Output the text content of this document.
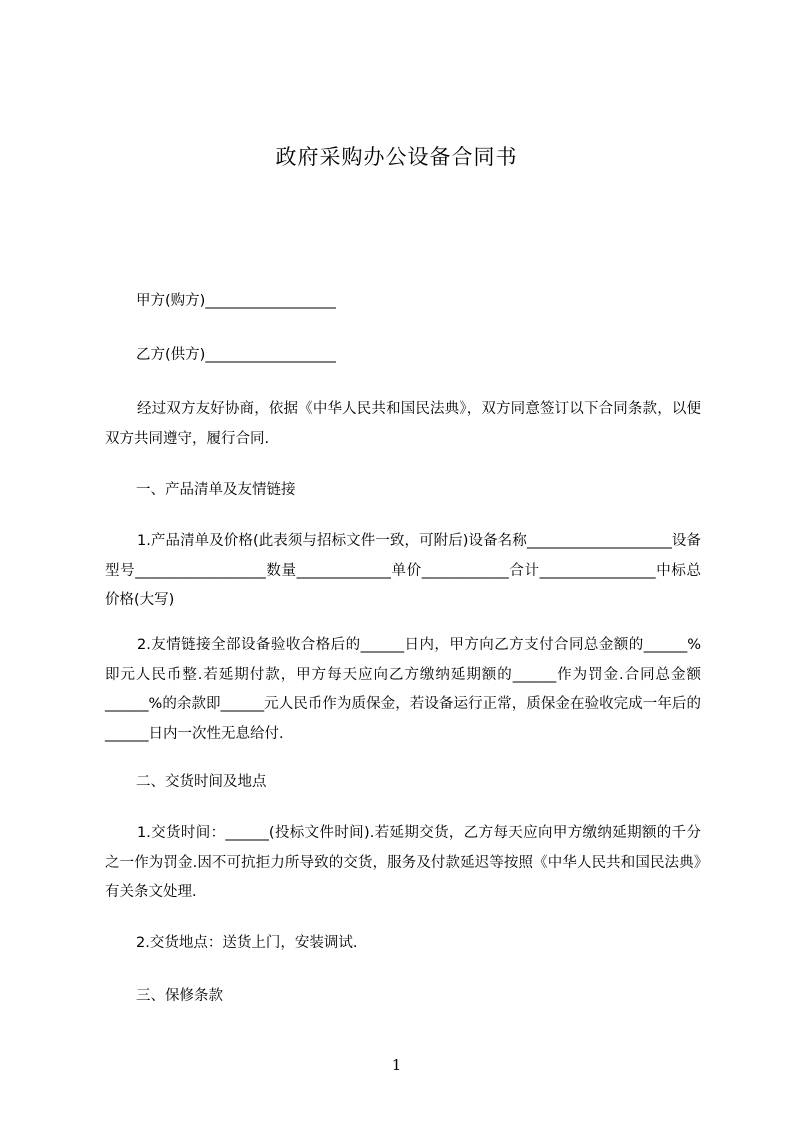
政府采购办公设备合同书
甲方(购方)__________________
乙方(供方)__________________
经过双方友好协商，依据《中华人民共和国民法典》，双方同意签订以下合同条款，以便双方共同遵守，履行合同.
一、产品清单及友情链接
1.产品清单及价格(此表须与招标文件一致，可附后)设备名称____________________设备型号__________________数量_____________单价____________合计________________中标总价格(大写)
2.友情链接全部设备验收合格后的______日内，甲方向乙方支付合同总金额的______%即元人民币整.若延期付款，甲方每天应向乙方缴纳延期额的______作为罚金.合同总金额______%的余款即______元人民币作为质保金，若设备运行正常，质保金在验收完成一年后的______日内一次性无息给付.
二、交货时间及地点
1.交货时间：______(投标文件时间).若延期交货，乙方每天应向甲方缴纳延期额的千分之一作为罚金.因不可抗拒力所导致的交货，服务及付款延迟等按照《中华人民共和国民法典》有关条文处理.
2.交货地点：送货上门，安装调试.
三、保修条款
1
